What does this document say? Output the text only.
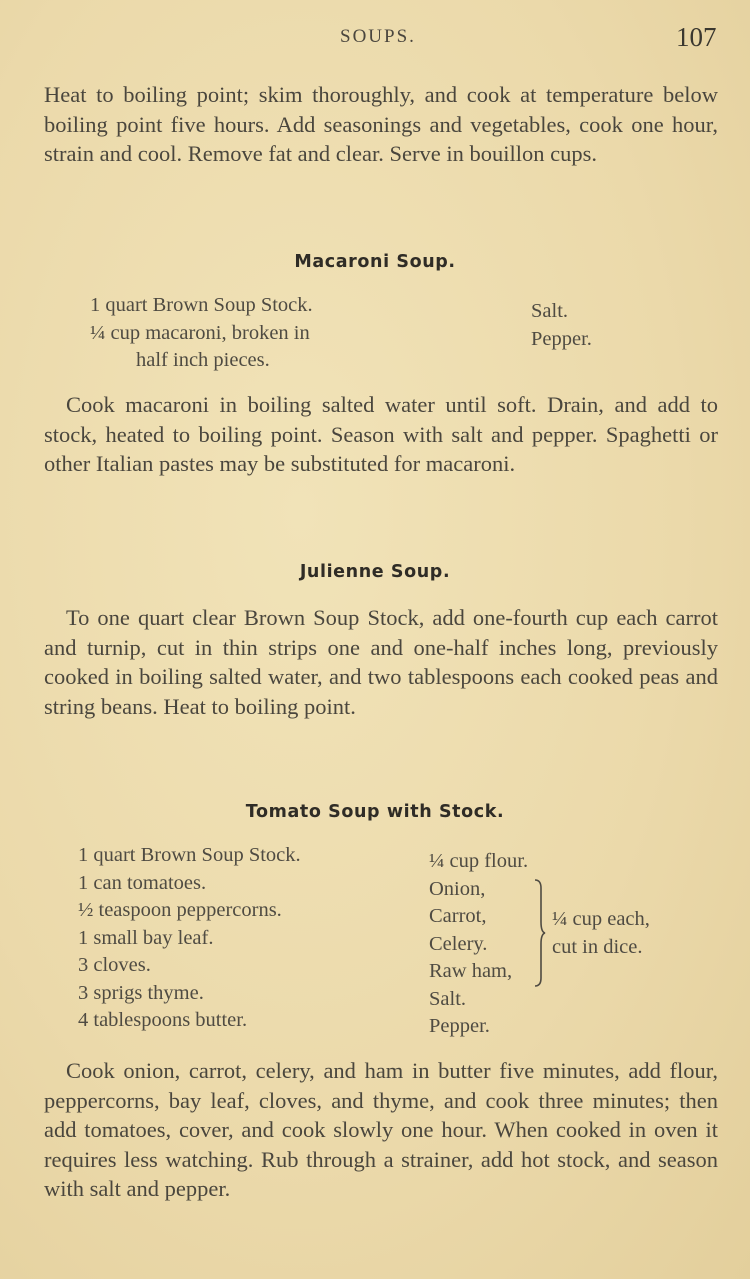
SOUPS.	107

Heat to boiling point; skim thoroughly, and cook at temperature below boiling point five hours. Add seasonings and vegetables, cook one hour, strain and cool. Remove fat and clear. Serve in bouillon cups.

Macaroni Soup.
1 quart Brown Soup Stock.
¼ cup macaroni, broken in
half inch pieces.
Salt.
Pepper.

Cook macaroni in boiling salted water until soft. Drain, and add to stock, heated to boiling point. Season with salt and pepper. Spaghetti or other Italian pastes may be substituted for macaroni.

Julienne Soup.

To one quart clear Brown Soup Stock, add one-fourth cup each carrot and turnip, cut in thin strips one and one-half inches long, previously cooked in boiling salted water, and two tablespoons each cooked peas and string beans. Heat to boiling point.

Tomato Soup with Stock.
1 quart Brown Soup Stock.
1 can tomatoes.
½ teaspoon peppercorns.
1 small bay leaf.
3 cloves.
3 sprigs thyme.
4 tablespoons butter.
¼ cup flour.
Onion,
Carrot,
Celery.
Raw ham,
Salt.
Pepper.
¼ cup each,
cut in dice.

Cook onion, carrot, celery, and ham in butter five minutes, add flour, peppercorns, bay leaf, cloves, and thyme, and cook three minutes; then add tomatoes, cover, and cook slowly one hour. When cooked in oven it requires less watching. Rub through a strainer, add hot stock, and season with salt and pepper.
